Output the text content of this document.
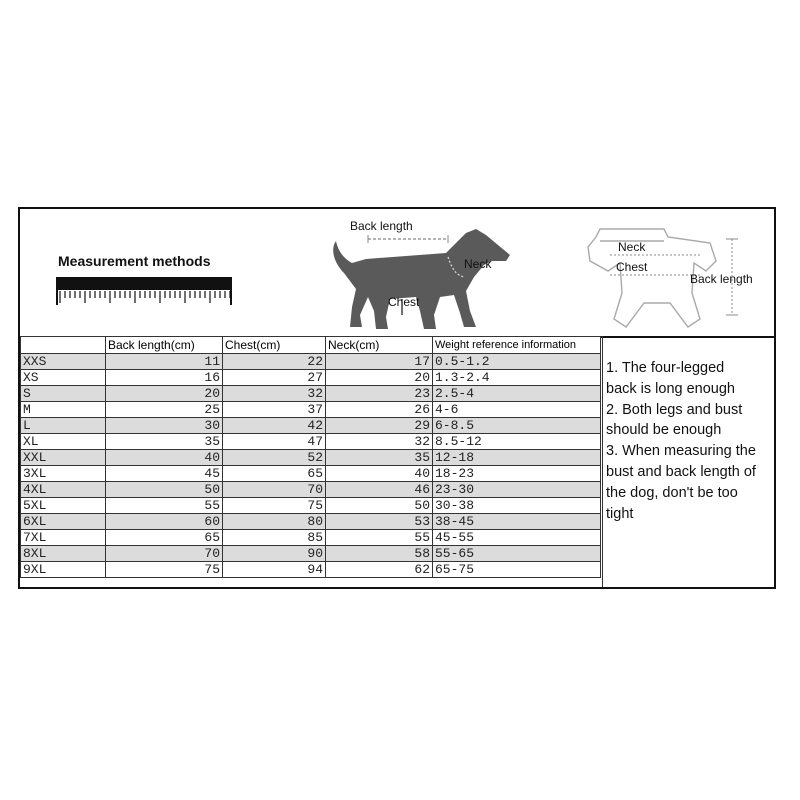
Measurement methods
Back length
Neck
Chest
Neck
Chest
Back length
	Back length(cm)	Chest(cm)	Neck(cm)	Weight reference information
XXS	11	22	17	0.5-1.2
XS	16	27	20	1.3-2.4
S	20	32	23	2.5-4
M	25	37	26	4-6
L	30	42	29	6-8.5
XL	35	47	32	8.5-12
XXL	40	52	35	12-18
3XL	45	65	40	18-23
4XL	50	70	46	23-30
5XL	55	75	50	30-38
6XL	60	80	53	38-45
7XL	65	85	55	45-55
8XL	70	90	58	55-65
9XL	75	94	62	65-75

1. The four-legged

back is long enough

2. Both legs and bust

should be enough

3. When measuring the

bust and back length of

the dog, don't be too

tight
